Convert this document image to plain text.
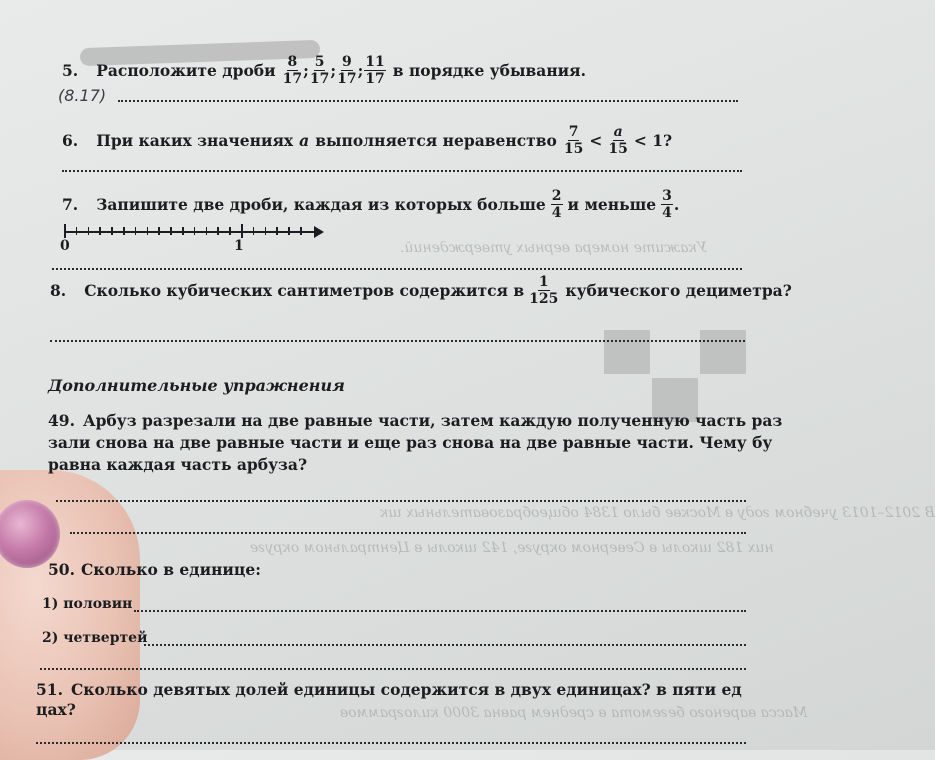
Укажите номера верных утверждений.
В 2012–1013 учебном году в Москве было 1384 общеобразовательных шк
них 182 школы в Северном округе, 142 школы в Центральном округе
Масса вареного бегемота в среднем равна 3000 килограммов
5. Расположите дроби $\frac{8}{17}$ ; $\frac{5}{17}$ ; $\frac{9}{17}$ ; $\frac{11}{17}$ в порядке убывания.
(8.17)
6. При каких значениях a выполняется неравенство $\frac{7}{15} < \frac{a}{15} < 1$?
7. Запишите две дроби, каждая из которых больше $\frac{2}{4}$ и меньше $\frac{3}{4}$ .
0	1
8. Сколько кубических сантиметров содержится в $\frac{1}{125}$ кубического дециметра?
Дополнительные упражнения
49. Арбуз разрезали на две равные части, затем каждую полученную часть раз
зали снова на две равные части и еще раз снова на две равные части. Чему бу
равна каждая часть арбуза?
50. Сколько в единице:
1) половин
2) четвертей
51. Сколько девятых долей единицы содержится в двух единицах? в пяти ед
цах?
